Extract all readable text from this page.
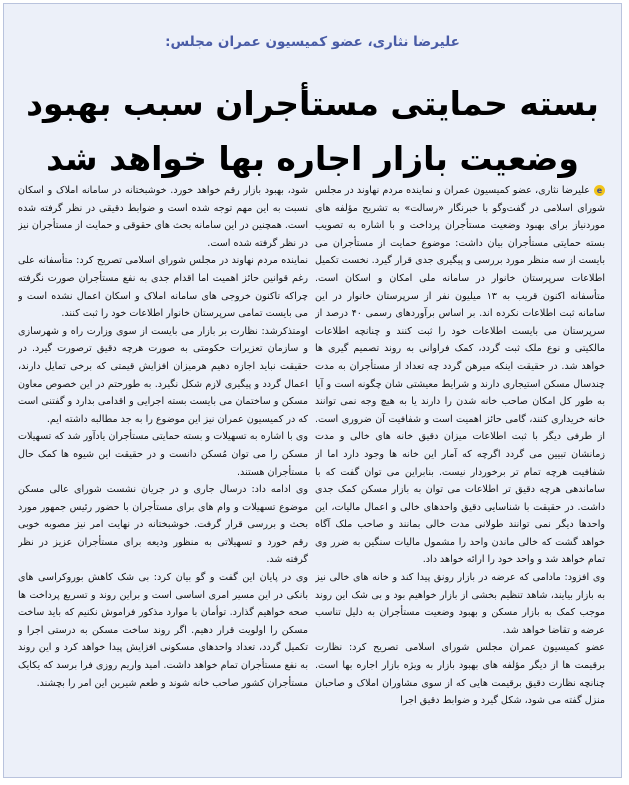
علیرضا نثاری، عضو کمیسیون عمران مجلس:
بسته حمایتی مستأجران سبب بهبود
وضعیت بازار اجاره بها خواهد شد

eعلیرضا نثاری، عضو کمیسیون عمران و نماینده مردم نهاوند در مجلس شورای اسلامی در گفت‌وگو با خبرنگار «رسالت» به تشریح مؤلفه های موردنیاز برای بهبود وضعیت مستأجران پرداخت و با اشاره به تصویب بسته حمایتی مستأجران بیان داشت: موضوع حمایت از مستأجران می بایست از سه منظر مورد بررسی و پیگیری جدی قرار گیرد. نخست تکمیل اطلاعات سرپرستان خانوار در سامانه ملی امکان و اسکان است. متأسفانه اکنون قریب به ۱۳ میلیون نفر از سرپرستان خانوار در این سامانه ثبت اطلاعات نکرده اند. بر اساس برآوردهای رسمی ۴۰ درصد از سرپرستان می بایست اطلاعات خود را ثبت کنند و چنانچه اطلاعات مالکیتی و نوع ملک ثبت گردد، کمک فراوانی به روند تصمیم گیری ها خواهد شد. در حقیقت اینکه میرهن گردد چه تعداد از مستأجران به مدت چندسال مسکن استیجاری دارند و شرایط معیشتی شان چگونه است و آیا به طور کل امکان صاحب خانه شدن را دارند یا به هیچ وجه نمی توانند خانه خریداری کنند، گامی حائز اهمیت است و شفافیت آن ضروری است. از طرفی دیگر با ثبت اطلاعات میزان دقیق خانه های خالی و مدت زمانشان تبیین می گردد اگرچه که آمار این خانه ها وجود دارد اما از شفافیت هرچه تمام تر برخوردار نیست. بنابراین می توان گفت که با ساماندهی هرچه دقیق تر اطلاعات می توان به بازار مسکن کمک جدی داشت. در حقیقت با شناسایی دقیق واحدهای خالی و اعمال مالیات، این واحدها دیگر نمی توانند طولانی مدت خالی بمانند و صاحب ملک آگاه خواهد گشت که خالی ماندن واحد را مشمول مالیات سنگین به ضرر وی تمام خواهد شد و واحد خود را ارائه خواهد داد.

وی افزود: مادامی که عرضه در بازار رونق پیدا کند و خانه های خالی نیز به بازار بیایند، شاهد تنظیم بخشی از بازار خواهیم بود و بی شک این روند موجب کمک به بازار مسکن و بهبود وضعیت مستأجران به دلیل تناسب عرضه و تقاضا خواهد شد.

عضو کمیسیون عمران مجلس شورای اسلامی تصریح کرد: نظارت برقیمت ها از دیگر مؤلفه های بهبود بازار به ویژه بازار اجاره بها است. چنانچه نظارت دقیق برقیمت هایی که از سوی مشاوران املاک و صاحبان منزل گفته می شود، شکل گیرد و ضوابط دقیق اجرا

شود، بهبود بازار رقم خواهد خورد. خوشبختانه در سامانه املاک و اسکان نسبت به این مهم توجه شده است و ضوابط دقیقی در نظر گرفته شده است. همچنین در این سامانه بحث های حقوقی و حمایت از مستأجران نیز در نظر گرفته شده است.

نماینده مردم نهاوند در مجلس شورای اسلامی تصریح کرد: متأسفانه علی رغم قوانین حائز اهمیت اما اقدام جدی به نفع مستأجران صورت نگرفته چراکه تاکنون خروجی های سامانه املاک و اسکان اعمال نشده است و می بایست تمامی سرپرستان خانوار اطلاعات خود را ثبت کنند.

اومتذکرشد: نظارت بر بازار می بایست از سوی وزارت راه و شهرسازی و سازمان تعزیرات حکومتی به صورت هرچه دقیق ترصورت گیرد. در حقیقت نباید اجازه دهیم هرمیزان افزایش قیمتی که برخی تمایل دارند، اعمال گردد و پیگیری لازم شکل نگیرد. به طورحتم در این خصوص معاون مسکن و ساختمان می بایست بسته اجرایی و اقدامی بدارد و گفتنی است که در کمیسیون عمران نیز این موضوع را به جد مطالبه داشته ایم.

وی با اشاره به تسهیلات و بسته حمایتی مستأجران یادآور شد که تسهیلات مسکن را می توان مُسکن دانست و در حقیقت این شیوه ها کمک حال مستأجران هستند.

وی ادامه داد: درسال جاری و در جریان نشست شورای عالی مسکن موضوع تسهیلات و وام های برای مستأجران با حضور رئیس جمهور مورد بحث و بررسی قرار گرفت. خوشبختانه در نهایت امر نیز مصوبه خوبی رقم خورد و تسهیلاتی به منظور ودیعه برای مستأجران عزیز در نظر گرفته شد.

وی در پایان این گفت و گو بیان کرد: بی شک کاهش بوروکراسی های بانکی در این مسیر امری اساسی است و براین روند و تسریع پرداخت ها صحه خواهیم گذارد. توأمان با موارد مذکور فراموش نکنیم که باید ساخت مسکن را اولویت قرار دهیم. اگر روند ساخت مسکن به درستی اجرا و تکمیل گردد، تعداد واحدهای مسکونی افزایش پیدا خواهد کرد و این روند به نفع مستأجران تمام خواهد داشت. امید واریم روزی فرا برسد که یکایک مستأجران کشور صاحب خانه شوند و طعم شیرین این امر را بچشند.
